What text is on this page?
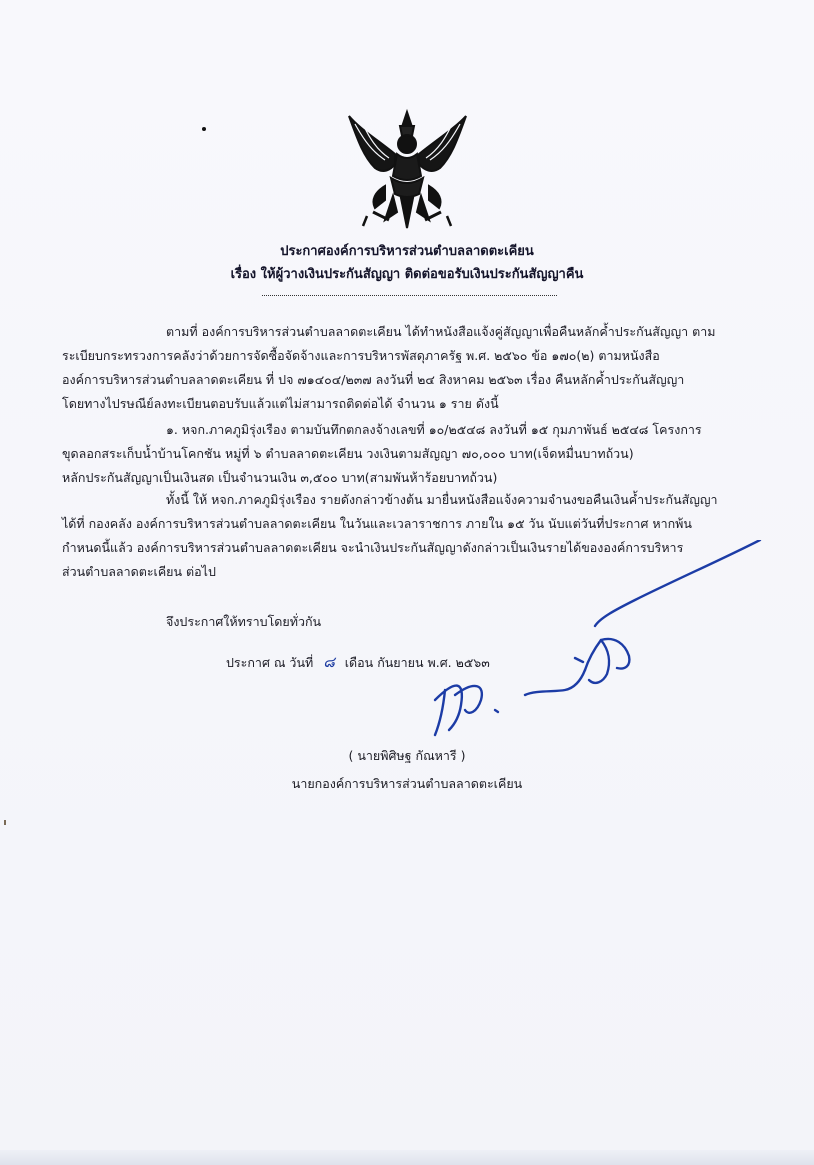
ประกาศองค์การบริหารส่วนตำบลลาดตะเคียน
เรื่อง ให้ผู้วางเงินประกันสัญญา ติดต่อขอรับเงินประกันสัญญาคืน
ตามที่ องค์การบริหารส่วนตำบลลาดตะเคียน ได้ทำหนังสือแจ้งคู่สัญญาเพื่อคืนหลักค้ำประกันสัญญา ตาม
ระเบียบกระทรวงการคลังว่าด้วยการจัดซื้อจัดจ้างและการบริหารพัสดุภาครัฐ พ.ศ. ๒๕๖๐ ข้อ ๑๗๐(๒) ตามหนังสือ
องค์การบริหารส่วนตำบลลาดตะเคียน ที่ ปจ ๗๑๔๐๔/๒๓๗ ลงวันที่ ๒๔ สิงหาคม ๒๕๖๓ เรื่อง คืนหลักค้ำประกันสัญญา
โดยทางไปรษณีย์ลงทะเบียนตอบรับแล้วแต่ไม่สามารถติดต่อได้ จำนวน ๑ ราย ดังนี้
๑. หจก.ภาคภูมิรุ่งเรือง ตามบันทึกตกลงจ้างเลขที่ ๑๐/๒๕๔๘ ลงวันที่ ๑๕ กุมภาพันธ์ ๒๕๔๘ โครงการ
ขุดลอกสระเก็บน้ำบ้านโคกชัน หมู่ที่ ๖ ตำบลลาดตะเคียน วงเงินตามสัญญา ๗๐,๐๐๐ บาท(เจ็ดหมื่นบาทถ้วน)
หลักประกันสัญญาเป็นเงินสด เป็นจำนวนเงิน ๓,๕๐๐ บาท(สามพันห้าร้อยบาทถ้วน)
ทั้งนี้ ให้ หจก.ภาคภูมิรุ่งเรือง รายดังกล่าวข้างต้น มายื่นหนังสือแจ้งความจำนงขอคืนเงินค้ำประกันสัญญา
ได้ที่ กองคลัง องค์การบริหารส่วนตำบลลาดตะเคียน ในวันและเวลาราชการ ภายใน ๑๕ วัน นับแต่วันที่ประกาศ หากพ้น
กำหนดนี้แล้ว องค์การบริหารส่วนตำบลลาดตะเคียน จะนำเงินประกันสัญญาดังกล่าวเป็นเงินรายได้ขององค์การบริหาร
ส่วนตำบลลาดตะเคียน ต่อไป
จึงประกาศให้ทราบโดยทั่วกัน
ประกาศ ณ วันที่ ๘ เดือน กันยายน พ.ศ. ๒๕๖๓
( นายพิศิษฐ กัณหารี )
นายกองค์การบริหารส่วนตำบลลาดตะเคียน
